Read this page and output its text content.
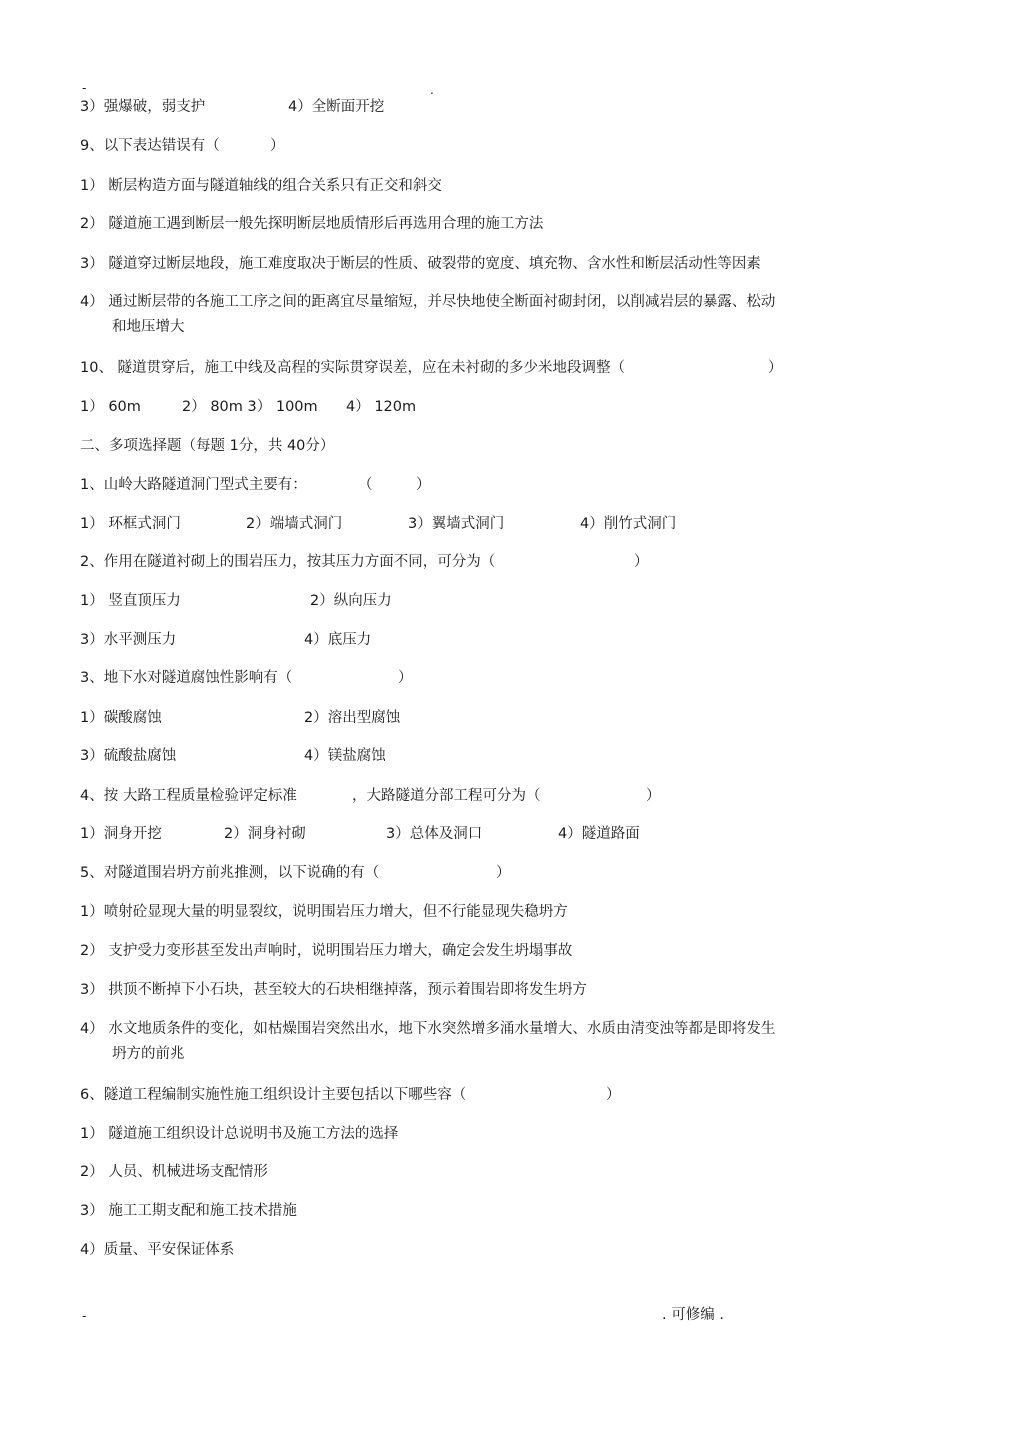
-	.
3）强爆破，弱支护	4）全断面开挖
9、以下表达错误有（	）
1） 断层构造方面与隧道轴线的组合关系只有正交和斜交
2） 隧道施工遇到断层一般先探明断层地质情形后再选用合理的施工方法
3） 隧道穿过断层地段，施工难度取决于断层的性质、破裂带的宽度、填充物、含水性和断层活动性等因素
4） 通过断层带的各施工工序之间的距离宜尽量缩短，并尽快地使全断面衬砌封闭，以削减岩层的暴露、松动
和地压增大
10、 隧道贯穿后，施工中线及高程的实际贯穿误差，应在未衬砌的多少米地段调整（	）
1） 60m	2） 80m 3） 100m 4） 120m
二、多项选择题（每题 1分，共 40分）
1、山岭大路隧道洞门型式主要有：	（	）
1） 环框式洞门	2）端墙式洞门	3）翼墙式洞门	4）削竹式洞门
2、作用在隧道衬砌上的围岩压力，按其压力方面不同，可分为（	）
1） 竖直顶压力	2）纵向压力
3）水平测压力	4）底压力
3、地下水对隧道腐蚀性影响有（	）
1）碳酸腐蚀	2）溶出型腐蚀
3）硫酸盐腐蚀	4）镁盐腐蚀
4、按 大路工程质量检验评定标准	，大路隧道分部工程可分为（	）
1）洞身开挖	2）洞身衬砌	3）总体及洞口	4）隧道路面
5、对隧道围岩坍方前兆推测，以下说确的有（	）
1）喷射砼显现大量的明显裂纹，说明围岩压力增大，但不行能显现失稳坍方
2） 支护受力变形甚至发出声响时，说明围岩压力增大，确定会发生坍塌事故
3） 拱顶不断掉下小石块，甚至较大的石块相继掉落，预示着围岩即将发生坍方
4） 水文地质条件的变化，如枯燥围岩突然出水，地下水突然增多涌水量增大、水质由清变浊等都是即将发生
坍方的前兆
6、隧道工程编制实施性施工组织设计主要包括以下哪些容（	）
1） 隧道施工组织设计总说明书及施工方法的选择
2） 人员、机械进场支配情形
3） 施工工期支配和施工技术措施
4）质量、平安保证体系
-	. 可修编 .
